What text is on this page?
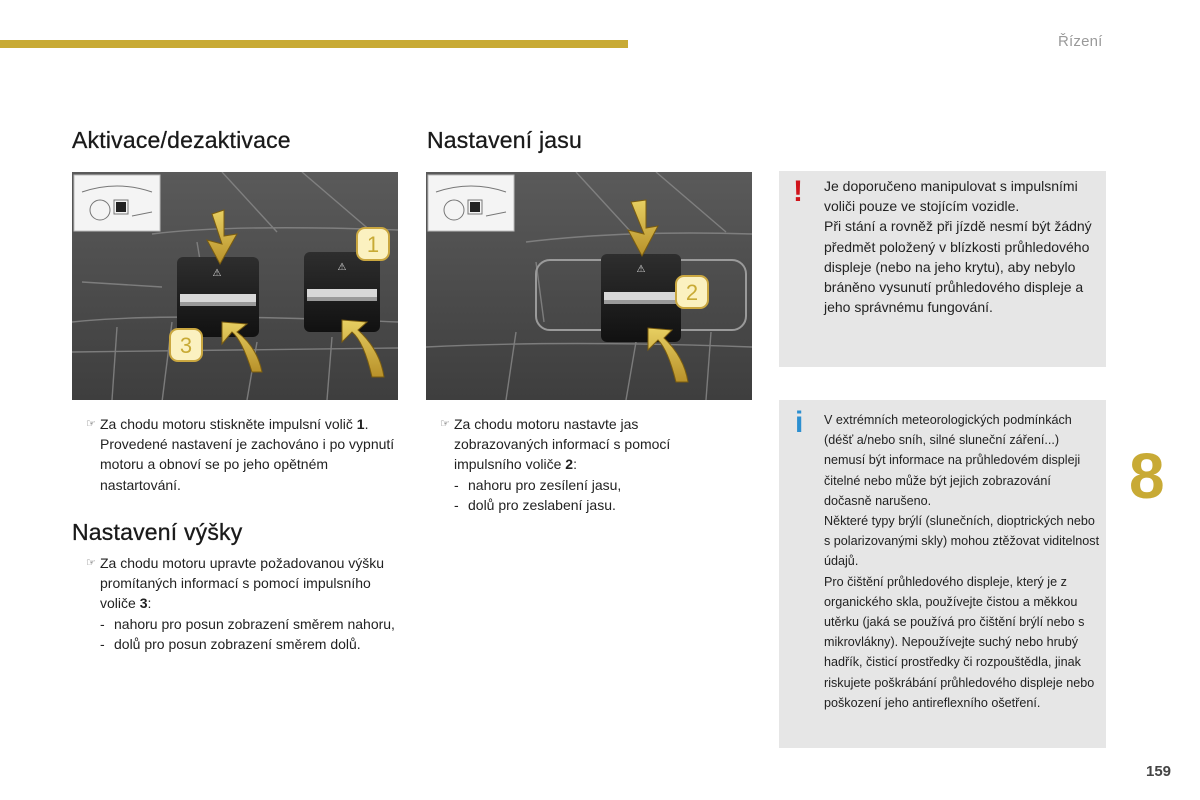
Řízení
Aktivace/dezaktivace	Nastavení jasu
⚠
⚠
1
3
⚠
2
☞ Za chodu motoru stiskněte impulsní volič 1. Provedené nastavení je zachováno i po vypnutí motoru a obnoví se po jeho opětném nastartování.
Nastavení výšky
☞ Za chodu motoru upravte požadovanou výšku promítaných informací s pomocí impulsního voliče 3:
- nahoru pro posun zobrazení směrem nahoru,
- dolů pro posun zobrazení směrem dolů.
☞ Za chodu motoru nastavte jas zobrazovaných informací s pomocí impulsního voliče 2:
- nahoru pro zesílení jasu,
- dolů pro zeslabení jasu.
! Je doporučeno manipulovat s impulsními voliči pouze ve stojícím vozidle.
Při stání a rovněž při jízdě nesmí být žádný předmět položený v blízkosti průhledového displeje (nebo na jeho krytu), aby nebylo bráněno vysunutí průhledového displeje a jeho správnému fungování.
i V extrémních meteorologických podmínkách (déšť a/nebo sníh, silné sluneční záření...) nemusí být informace na průhledovém displeji čitelné nebo může být jejich zobrazování dočasně narušeno.
Některé typy brýlí (slunečních, dioptrických nebo s polarizovanými skly) mohou ztěžovat viditelnost údajů.
Pro čištění průhledového displeje, který je z organického skla, používejte čistou a měkkou utěrku (jaká se používá pro čištění brýlí nebo s mikrovlákny). Nepoužívejte suchý nebo hrubý hadřík, čisticí prostředky či rozpouštědla, jinak riskujete poškrábání průhledového displeje nebo poškození jeho antireflexního ošetření.
8
159
